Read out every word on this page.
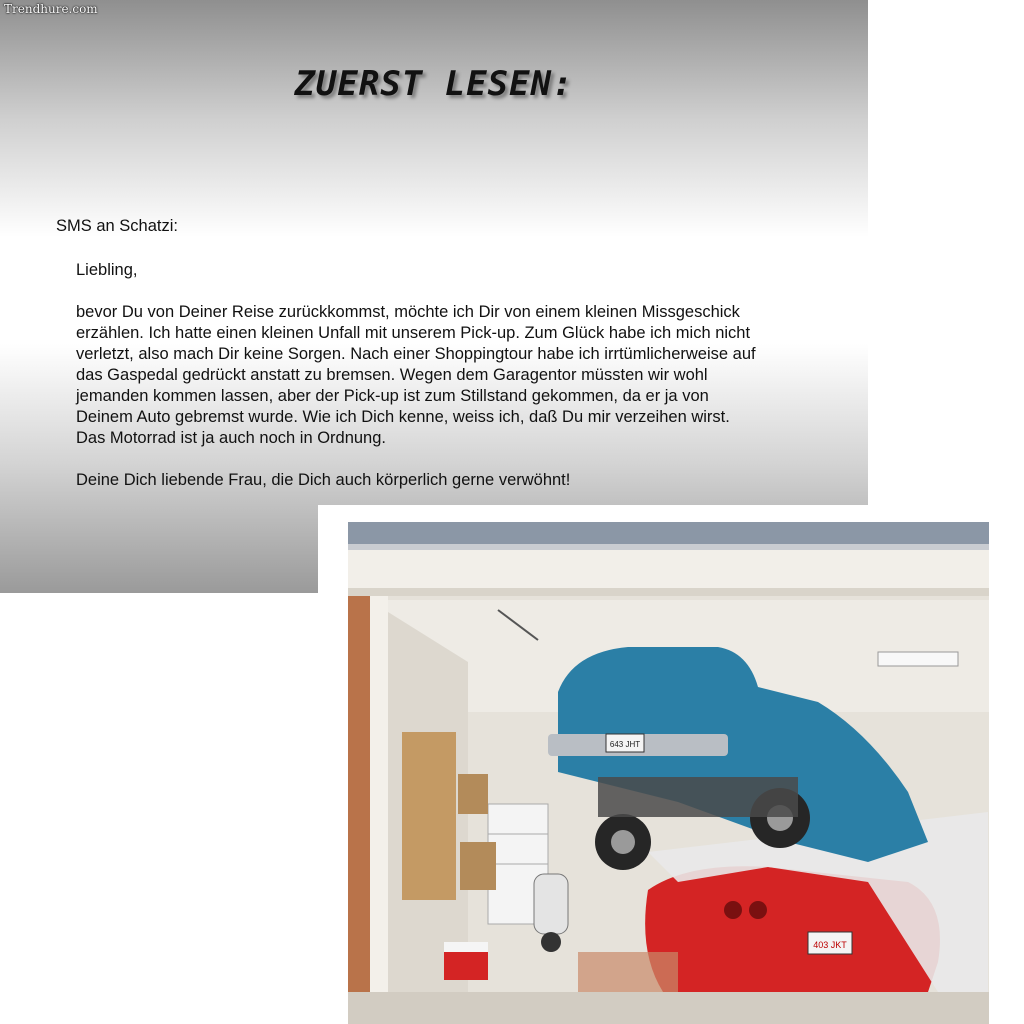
Trendhure.com
ZUERST LESEN:
SMS an Schatzi:
Liebling,
bevor Du von Deiner Reise zurückkommst, möchte ich Dir von einem kleinen Missgeschick
erzählen. Ich hatte einen kleinen Unfall mit unserem Pick-up. Zum Glück habe ich mich nicht
verletzt, also mach Dir keine Sorgen. Nach einer Shoppingtour habe ich irrtümlicherweise auf
das Gaspedal gedrückt anstatt zu bremsen. Wegen dem Garagentor müssten wir wohl
jemanden kommen lassen, aber der Pick-up ist zum Stillstand gekommen, da er ja von
Deinem Auto gebremst wurde. Wie ich Dich kenne, weiss ich, daß Du mir verzeihen wirst.
Das Motorrad ist ja auch noch in Ordnung.
Deine Dich liebende Frau, die Dich auch körperlich gerne verwöhnt!
403 JKT
643 JHT
